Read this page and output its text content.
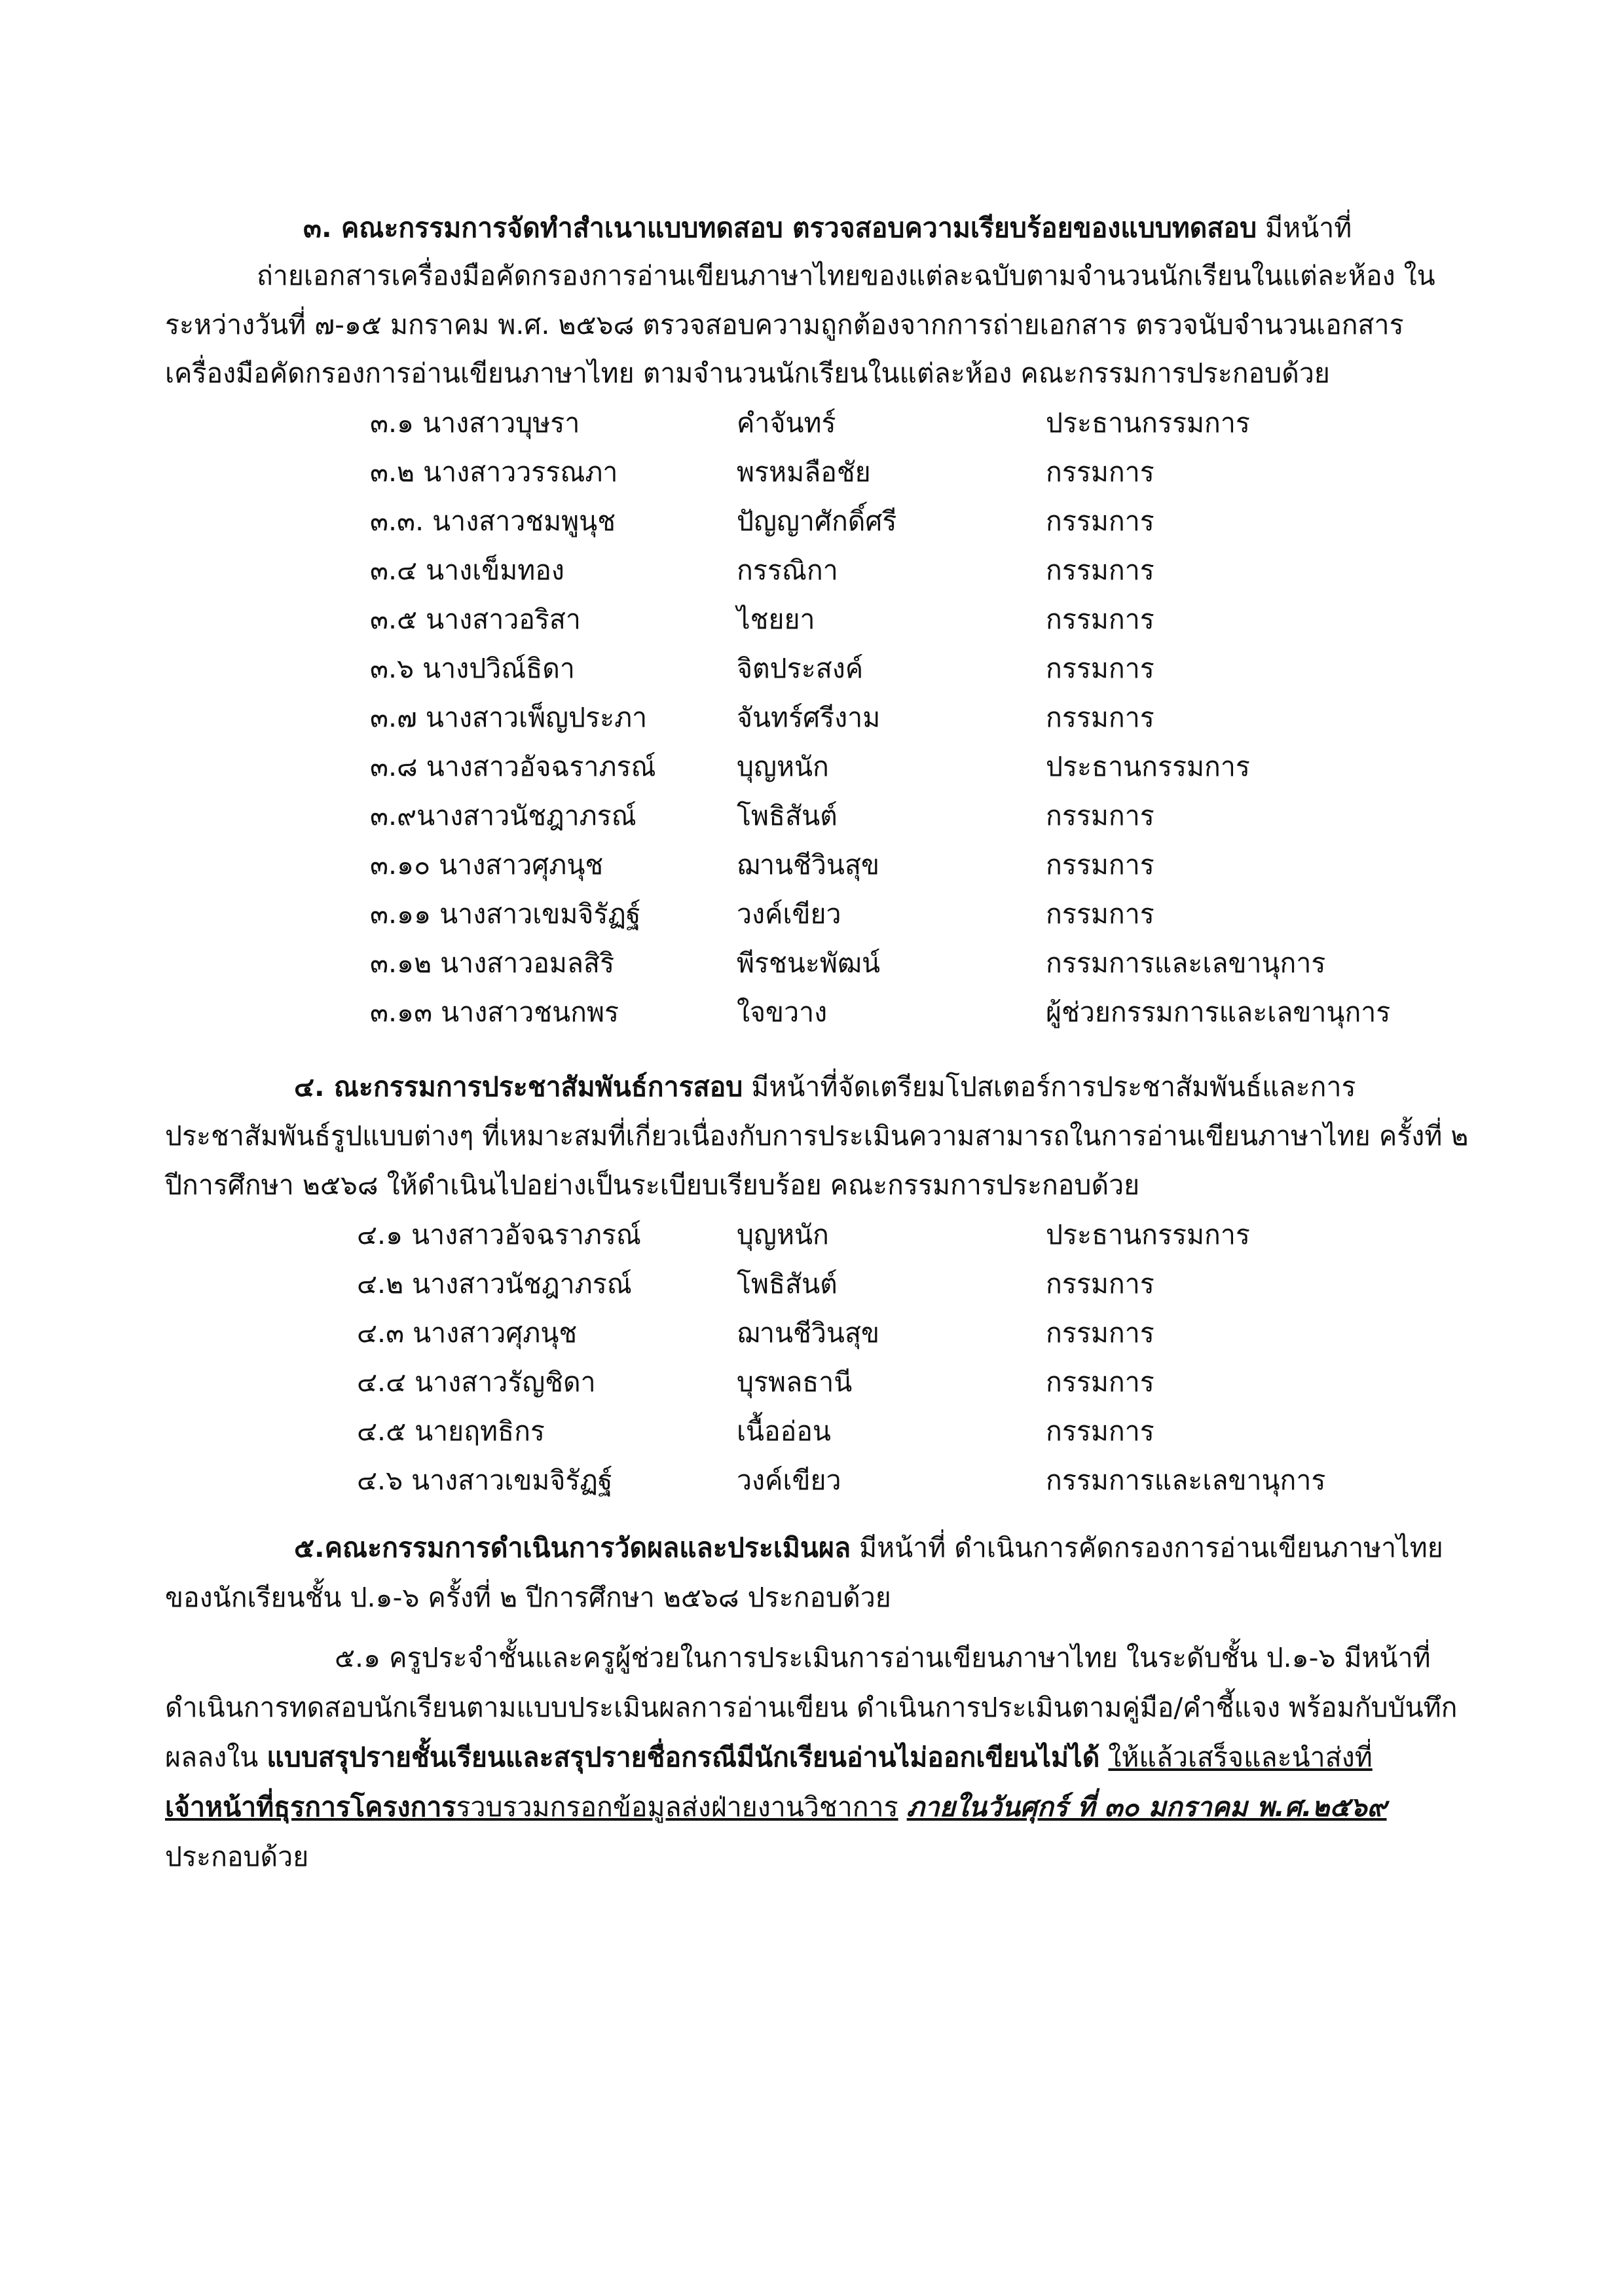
๓. คณะกรรมการจัดทำสำเนาแบบทดสอบ ตรวจสอบความเรียบร้อยของแบบทดสอบ มีหน้าที่
ถ่ายเอกสารเครื่องมือคัดกรองการอ่านเขียนภาษาไทยของแต่ละฉบับตามจำนวนนักเรียนในแต่ละห้อง ใน
ระหว่างวันที่ ๗-๑๕ มกราคม พ.ศ. ๒๕๖๘ ตรวจสอบความถูกต้องจากการถ่ายเอกสาร ตรวจนับจำนวนเอกสาร
เครื่องมือคัดกรองการอ่านเขียนภาษาไทย ตามจำนวนนักเรียนในแต่ละห้อง คณะกรรมการประกอบด้วย
๓.๑ นางสาวบุษรา	คำจันทร์	ประธานกรรมการ
๓.๒ นางสาววรรณภา	พรหมลือชัย	กรรมการ
๓.๓. นางสาวชมพูนุช	ปัญญาศักดิ์ศรี	กรรมการ
๓.๔ นางเข็มทอง	กรรณิกา	กรรมการ
๓.๕ นางสาวอริสา	ไชยยา	กรรมการ
๓.๖ นางปวิณ์ธิดา	จิตประสงค์	กรรมการ
๓.๗ นางสาวเพ็ญประภา	จันทร์ศรีงาม	กรรมการ
๓.๘ นางสาวอัจฉราภรณ์	บุญหนัก	ประธานกรรมการ
๓.๙นางสาวนัชฎาภรณ์	โพธิสันต์	กรรมการ
๓.๑๐ นางสาวศุภนุช	ฌานชีวินสุข	กรรมการ
๓.๑๑ นางสาวเขมจิรัฏฐ์	วงค์เขียว	กรรมการ
๓.๑๒ นางสาวอมลสิริ	พีรชนะพัฒน์	กรรมการและเลขานุการ
๓.๑๓ นางสาวชนกพร	ใจขวาง	ผู้ช่วยกรรมการและเลขานุการ
๔. ณะกรรมการประชาสัมพันธ์การสอบ มีหน้าที่จัดเตรียมโปสเตอร์การประชาสัมพันธ์และการ
ประชาสัมพันธ์รูปแบบต่างๆ ที่เหมาะสมที่เกี่ยวเนื่องกับการประเมินความสามารถในการอ่านเขียนภาษาไทย ครั้งที่ ๒
ปีการศึกษา ๒๕๖๘ ให้ดำเนินไปอย่างเป็นระเบียบเรียบร้อย คณะกรรมการประกอบด้วย
๔.๑ นางสาวอัจฉราภรณ์	บุญหนัก	ประธานกรรมการ
๔.๒ นางสาวนัชฎาภรณ์	โพธิสันต์	กรรมการ
๔.๓ นางสาวศุภนุช	ฌานชีวินสุข	กรรมการ
๔.๔ นางสาวรัญชิดา	บุรพลธานี	กรรมการ
๔.๕ นายฤทธิกร	เนื้ออ่อน	กรรมการ
๔.๖ นางสาวเขมจิรัฏฐ์	วงค์เขียว	กรรมการและเลขานุการ
๕.คณะกรรมการดำเนินการวัดผลและประเมินผล มีหน้าที่ ดำเนินการคัดกรองการอ่านเขียนภาษาไทย
ของนักเรียนชั้น ป.๑-๖ ครั้งที่ ๒ ปีการศึกษา ๒๕๖๘ ประกอบด้วย
๕.๑ ครูประจำชั้นและครูผู้ช่วยในการประเมินการอ่านเขียนภาษาไทย ในระดับชั้น ป.๑-๖ มีหน้าที่
ดำเนินการทดสอบนักเรียนตามแบบประเมินผลการอ่านเขียน ดำเนินการประเมินตามคู่มือ/คำชี้แจง พร้อมกับบันทึก
ผลลงใน แบบสรุปรายชั้นเรียนและสรุปรายชื่อกรณีมีนักเรียนอ่านไม่ออกเขียนไม่ได้ ให้แล้วเสร็จและนำส่งที่
เจ้าหน้าที่ธุรการโครงการรวบรวมกรอกข้อมูลส่งฝ่ายงานวิชาการ ภายในวันศุกร์ ที่ ๓๐ มกราคม พ.ศ.๒๕๖๙
ประกอบด้วย
